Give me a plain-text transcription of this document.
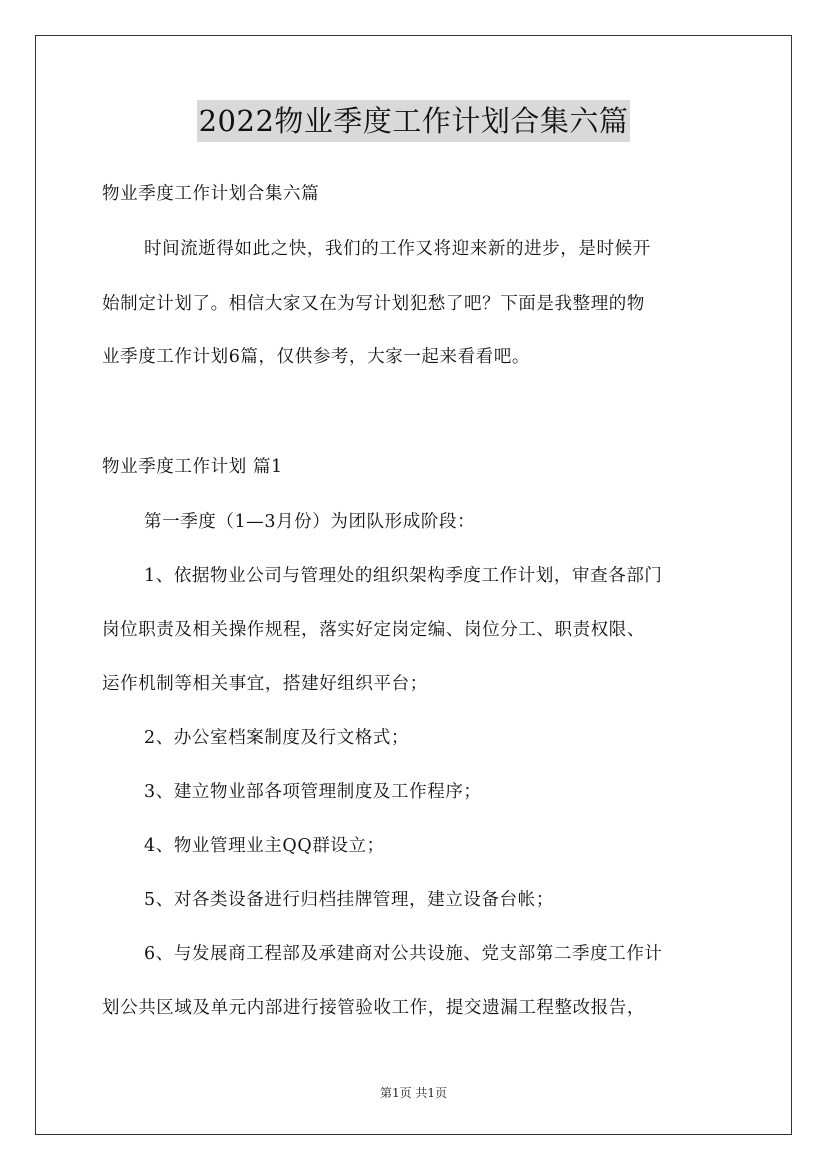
2022物业季度工作计划合集六篇
物业季度工作计划合集六篇
时间流逝得如此之快，我们的工作又将迎来新的进步，是时候开
始制定计划了。相信大家又在为写计划犯愁了吧？下面是我整理的物
业季度工作计划6篇，仅供参考，大家一起来看看吧。
物业季度工作计划 篇1
第一季度（1—3月份）为团队形成阶段：
1、依据物业公司与管理处的组织架构季度工作计划，审查各部门
岗位职责及相关操作规程，落实好定岗定编、岗位分工、职责权限、
运作机制等相关事宜，搭建好组织平台；
2、办公室档案制度及行文格式；
3、建立物业部各项管理制度及工作程序；
4、物业管理业主QQ群设立；
5、对各类设备进行归档挂牌管理，建立设备台帐；
6、与发展商工程部及承建商对公共设施、党支部第二季度工作计
划公共区域及单元内部进行接管验收工作，提交遗漏工程整改报告，
第1页 共1页
